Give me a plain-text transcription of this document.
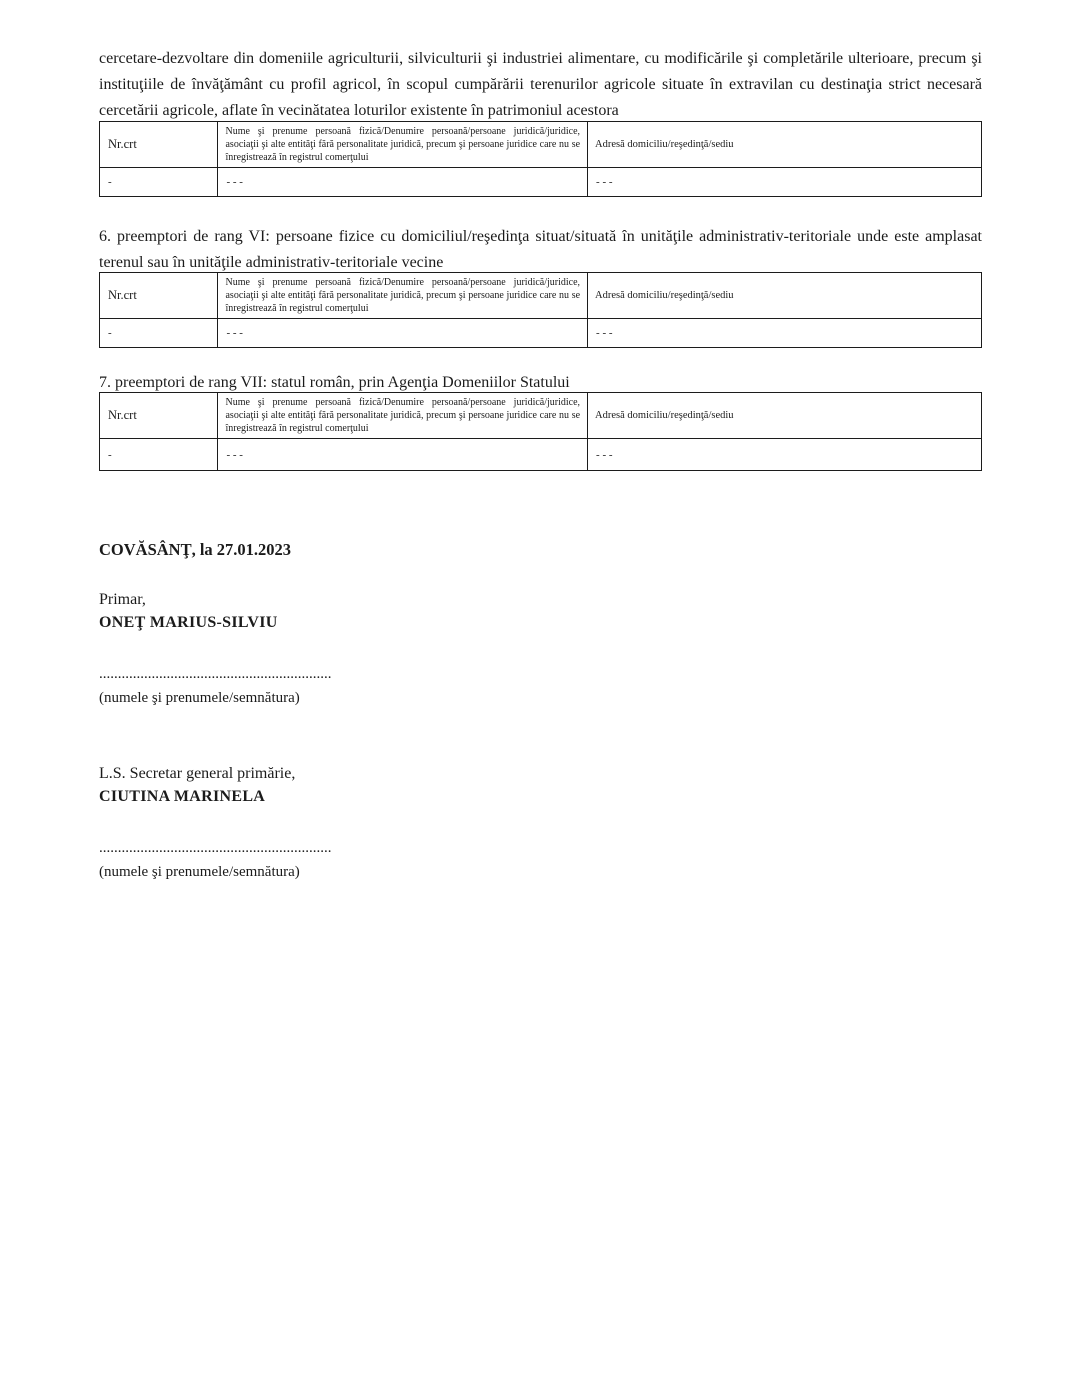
cercetare-dezvoltare din domeniile agriculturii, silviculturii şi industriei alimentare, cu modificările şi completările ulterioare, precum şi instituţiile de învăţământ cu profil agricol, în scopul cumpărării terenurilor agricole situate în extravilan cu destinaţia strict necesară cercetării agricole, aflate în vecinătatea loturilor existente în patrimoniul acestora

Nr.crt	Nume şi prenume persoană fizică/Denumire persoană/persoane juridică/juridice, asociaţii şi alte entităţi fără personalitate juridică, precum şi persoane juridice care nu se înregistrează în registrul comerţului	Adresă domiciliu/reşedinţă/sediu
-	- - -	- - -

6. preemptori de rang VI: persoane fizice cu domiciliul/reşedinţa situat/situată în unităţile administrativ-teritoriale unde este amplasat terenul sau în unităţile administrativ-teritoriale vecine

Nr.crt	Nume şi prenume persoană fizică/Denumire persoană/persoane juridică/juridice, asociaţii şi alte entităţi fără personalitate juridică, precum şi persoane juridice care nu se înregistrează în registrul comerţului	Adresă domiciliu/reşedinţă/sediu
-	- - -	- - -

7. preemptori de rang VII: statul român, prin Agenţia Domeniilor Statului

Nr.crt	Nume şi prenume persoană fizică/Denumire persoană/persoane juridică/juridice, asociaţii şi alte entităţi fără personalitate juridică, precum şi persoane juridice care nu se înregistrează în registrul comerţului	Adresă domiciliu/reşedinţă/sediu
-	- - -	- - -

COVĂSÂNŢ, la 27.01.2023

Primar,
ONEŢ MARIUS-SILVIU

..............................................................

(numele şi prenumele/semnătura)

L.S. Secretar general primărie,
CIUTINA MARINELA

..............................................................

(numele şi prenumele/semnătura)
